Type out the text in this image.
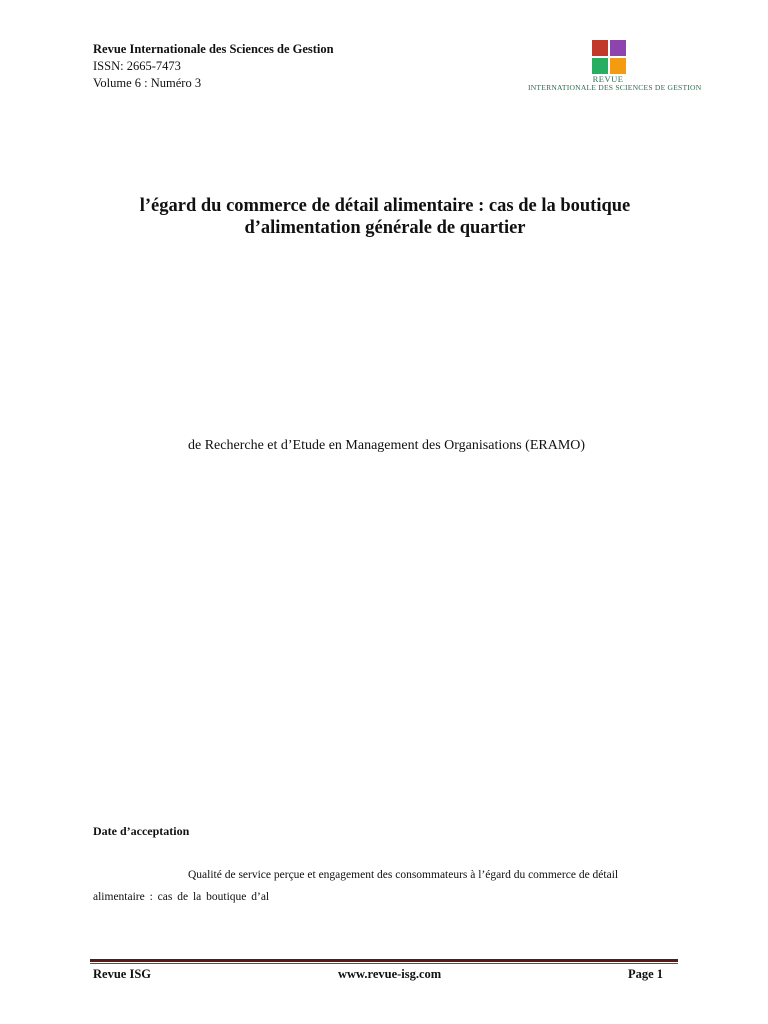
Revue Internationale des Sciences de Gestion
ISSN: 2665-7473
Volume 6 : Numéro 3	REVUE
INTERNATIONALE DES SCIENCES DE GESTION
l’égard du commerce de détail alimentaire : cas de la boutique
d’alimentation générale de quartier
de Recherche et d’Etude en Management des Organisations (ERAMO)
Date d’acceptation
Qualité de service perçue et engagement des consommateurs à l’égard du commerce de détail
alimentaire : cas de la boutique d’al
Revue ISG	www.revue-isg.com	Page 1
